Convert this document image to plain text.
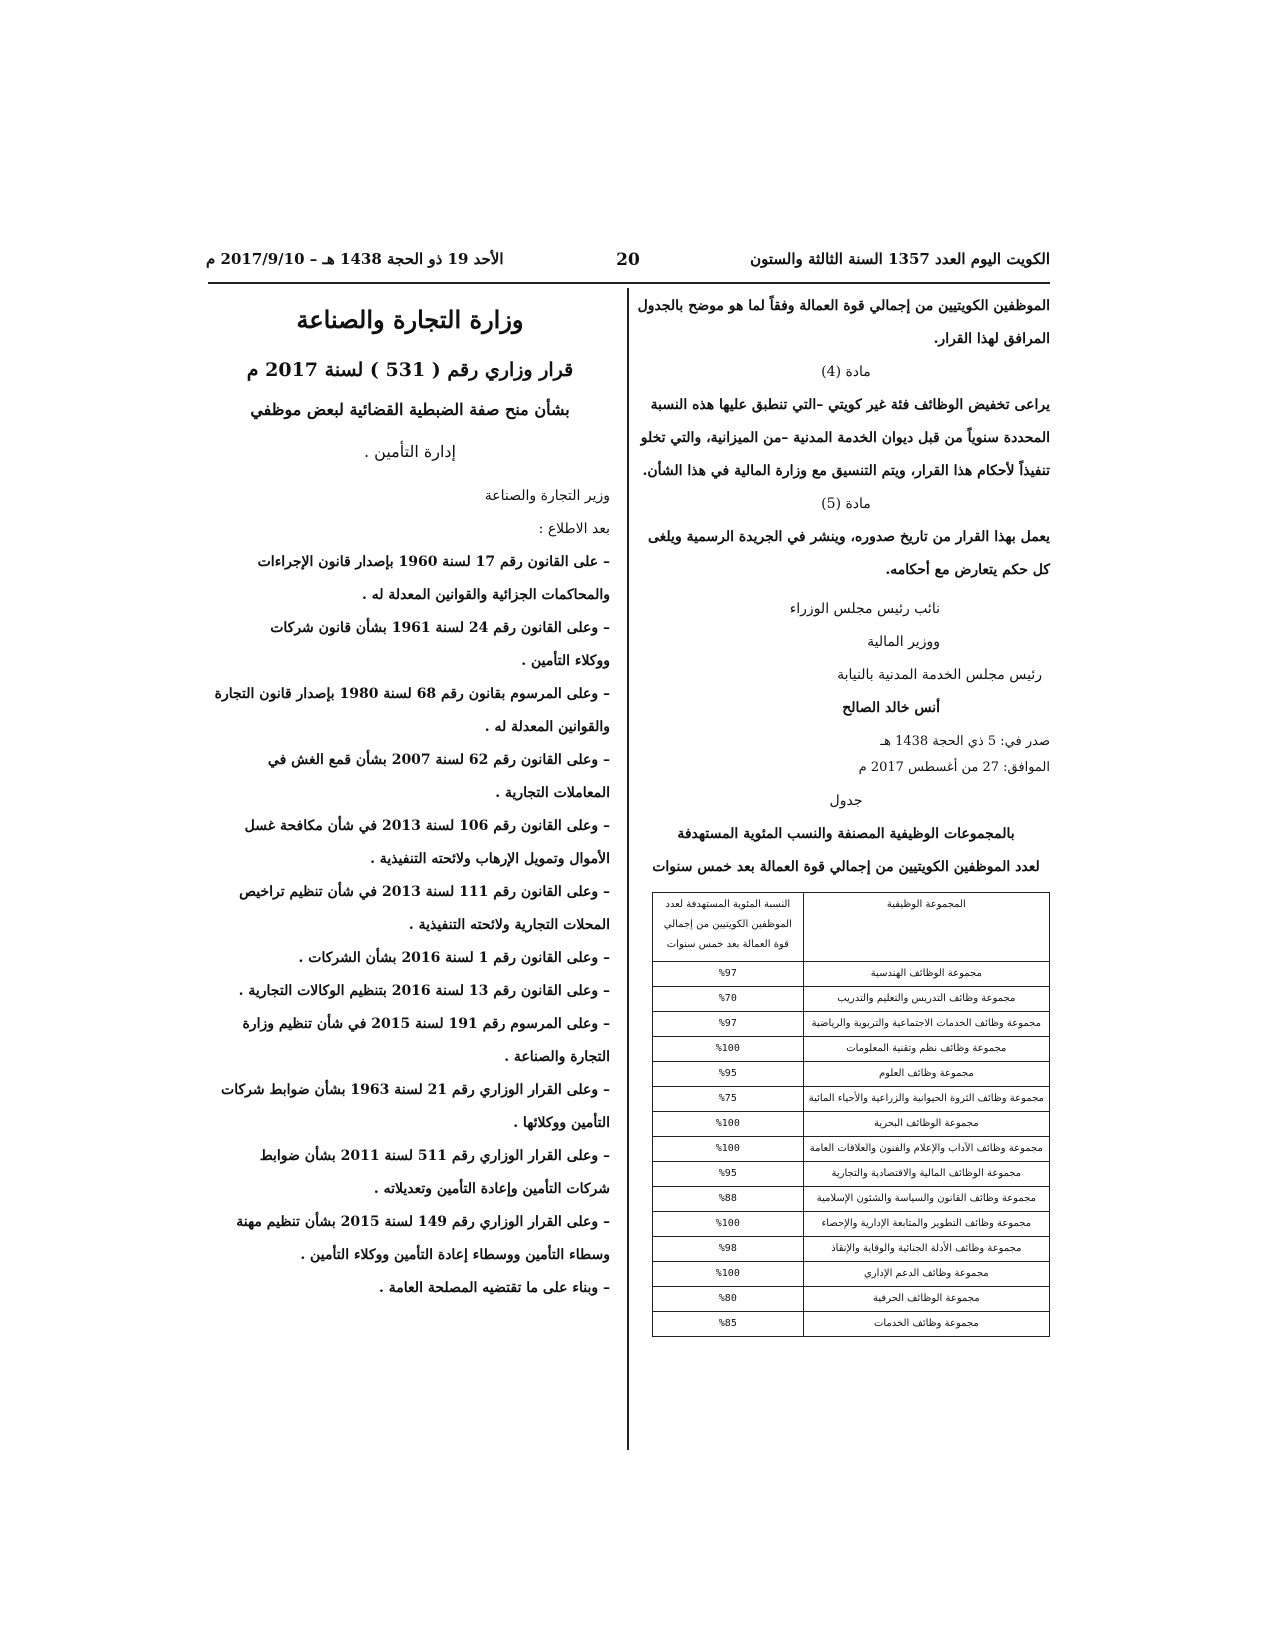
الكويت اليوم العدد 1357 السنة الثالثة والستون
20
الأحد 19 ذو الحجة 1438 هـ – 2017/9/10 م

الموظفين الكويتيين من إجمالي قوة العمالة وفقاً لما هو موضح بالجدول

المرافق لهذا القرار.

مادة (4)

يراعى تخفيض الوظائف فئة غير كويتي –التي تنطبق عليها هذه النسبة

المحددة سنوياً من قبل ديوان الخدمة المدنية –من الميزانية، والتي تخلو

تنفيذاً لأحكام هذا القرار، ويتم التنسيق مع وزارة المالية في هذا الشأن.

مادة (5)

يعمل بهذا القرار من تاريخ صدوره، وينشر في الجريدة الرسمية ويلغى

كل حكم يتعارض مع أحكامه.

نائب رئيس مجلس الوزراء

ووزير المالية

رئيس مجلس الخدمة المدنية بالنيابة

أنس خالد الصالح

صدر في: 5 ذي الحجة 1438 هـ

الموافق: 27 من أغسطس 2017 م

جدول

بالمجموعات الوظيفية المصنفة والنسب المئوية المستهدفة

لعدد الموظفين الكويتيين من إجمالي قوة العمالة بعد خمس سنوات

المجموعة الوظيفية	النسبة المئوية المستهدفة لعدد الموظفين الكويتيين من إجمالي قوة العمالة بعد خمس سنوات
مجموعة الوظائف الهندسية	%97
مجموعة وظائف التدريس والتعليم والتدريب	%70
مجموعة وظائف الخدمات الاجتماعية والتربوية والرياضية	%97
مجموعة وظائف نظم وتقنية المعلومات	%100
مجموعة وظائف العلوم	%95
مجموعة وظائف الثروة الحيوانية والزراعية والأحياء المائية	%75
مجموعة الوظائف البحرية	%100
مجموعة وظائف الآداب والإعلام والفنون والعلاقات العامة	%100
مجموعة الوظائف المالية والاقتصادية والتجارية	%95
مجموعة وظائف القانون والسياسة والشئون الإسلامية	%88
مجموعة وظائف التطوير والمتابعة الإدارية والإحصاء	%100
مجموعة وظائف الأدلة الجنائية والوقاية والإنقاذ	%98
مجموعة وظائف الدعم الإداري	%100
مجموعة الوظائف الحرفية	%80
مجموعة وظائف الخدمات	%85
وزارة التجارة والصناعة
قرار وزاري رقم ( 531 ) لسنة 2017 م
بشأن منح صفة الضبطية القضائية لبعض موظفي
إدارة التأمين .

وزير التجارة والصناعة

بعد الاطلاع :

– على القانون رقم 17 لسنة 1960 بإصدار قانون الإجراءات

والمحاكمات الجزائية والقوانين المعدلة له .

– وعلى القانون رقم 24 لسنة 1961 بشأن قانون شركات

ووكلاء التأمين .

– وعلى المرسوم بقانون رقم 68 لسنة 1980 بإصدار قانون التجارة

والقوانين المعدلة له .

– وعلى القانون رقم 62 لسنة 2007 بشأن قمع الغش في

المعاملات التجارية .

– وعلى القانون رقم 106 لسنة 2013 في شأن مكافحة غسل

الأموال وتمويل الإرهاب ولائحته التنفيذية .

– وعلى القانون رقم 111 لسنة 2013 في شأن تنظيم تراخيص

المحلات التجارية ولائحته التنفيذية .

– وعلى القانون رقم 1 لسنة 2016 بشأن الشركات .

– وعلى القانون رقم 13 لسنة 2016 بتنظيم الوكالات التجارية .

– وعلى المرسوم رقم 191 لسنة 2015 في شأن تنظيم وزارة

التجارة والصناعة .

– وعلى القرار الوزاري رقم 21 لسنة 1963 بشأن ضوابط شركات

التأمين ووكلائها .

– وعلى القرار الوزاري رقم 511 لسنة 2011 بشأن ضوابط

شركات التأمين وإعادة التأمين وتعديلاته .

– وعلى القرار الوزاري رقم 149 لسنة 2015 بشأن تنظيم مهنة

وسطاء التأمين ووسطاء إعادة التأمين ووكلاء التأمين .

– وبناء على ما تقتضيه المصلحة العامة .
